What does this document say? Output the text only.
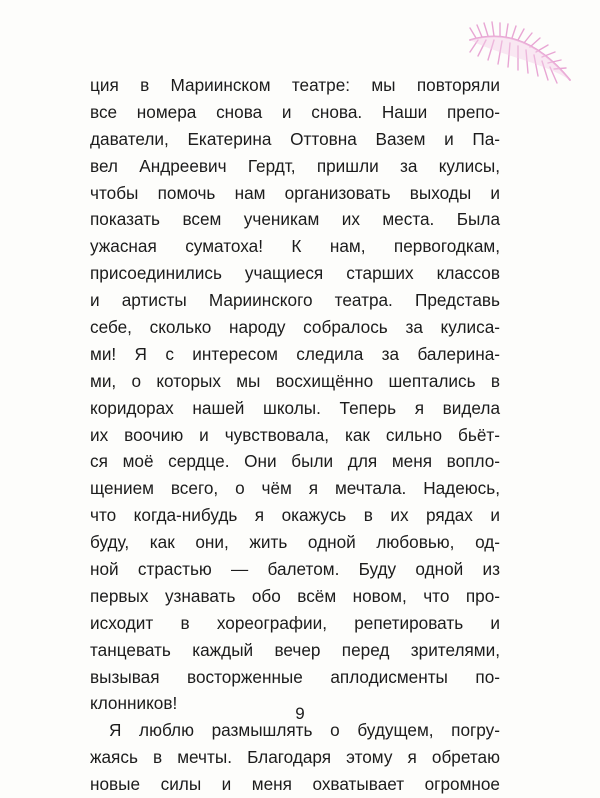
ция в Мариинском театре: мы повторяли
все номера снова и снова. Наши препо-
даватели, Екатерина Оттовна Вазем и Па-
вел Андреевич Гердт, пришли за кулисы,
чтобы помочь нам организовать выходы и
показать всем ученикам их места. Была
ужасная суматоха! К нам, первогодкам,
присоединились учащиеся старших классов
и артисты Мариинского театра. Представь
себе, сколько народу собралось за кулиса-
ми! Я с интересом следила за балерина-
ми, о которых мы восхищённо шептались в
коридорах нашей школы. Теперь я видела
их воочию и чувствовала, как сильно бьёт-
ся моё сердце. Они были для меня вопло-
щением всего, о чём я мечтала. Надеюсь,
что когда-нибудь я окажусь в их рядах и
буду, как они, жить одной любовью, од-
ной страстью — балетом. Буду одной из
первых узнавать обо всём новом, что про-
исходит в хореографии, репетировать и
танцевать каждый вечер перед зрителями,
вызывая восторженные аплодисменты по-
клонников!
Я люблю размышлять о будущем, погру-
жаясь в мечты. Благодаря этому я обретаю
новые силы и меня охватывает огромное
9
